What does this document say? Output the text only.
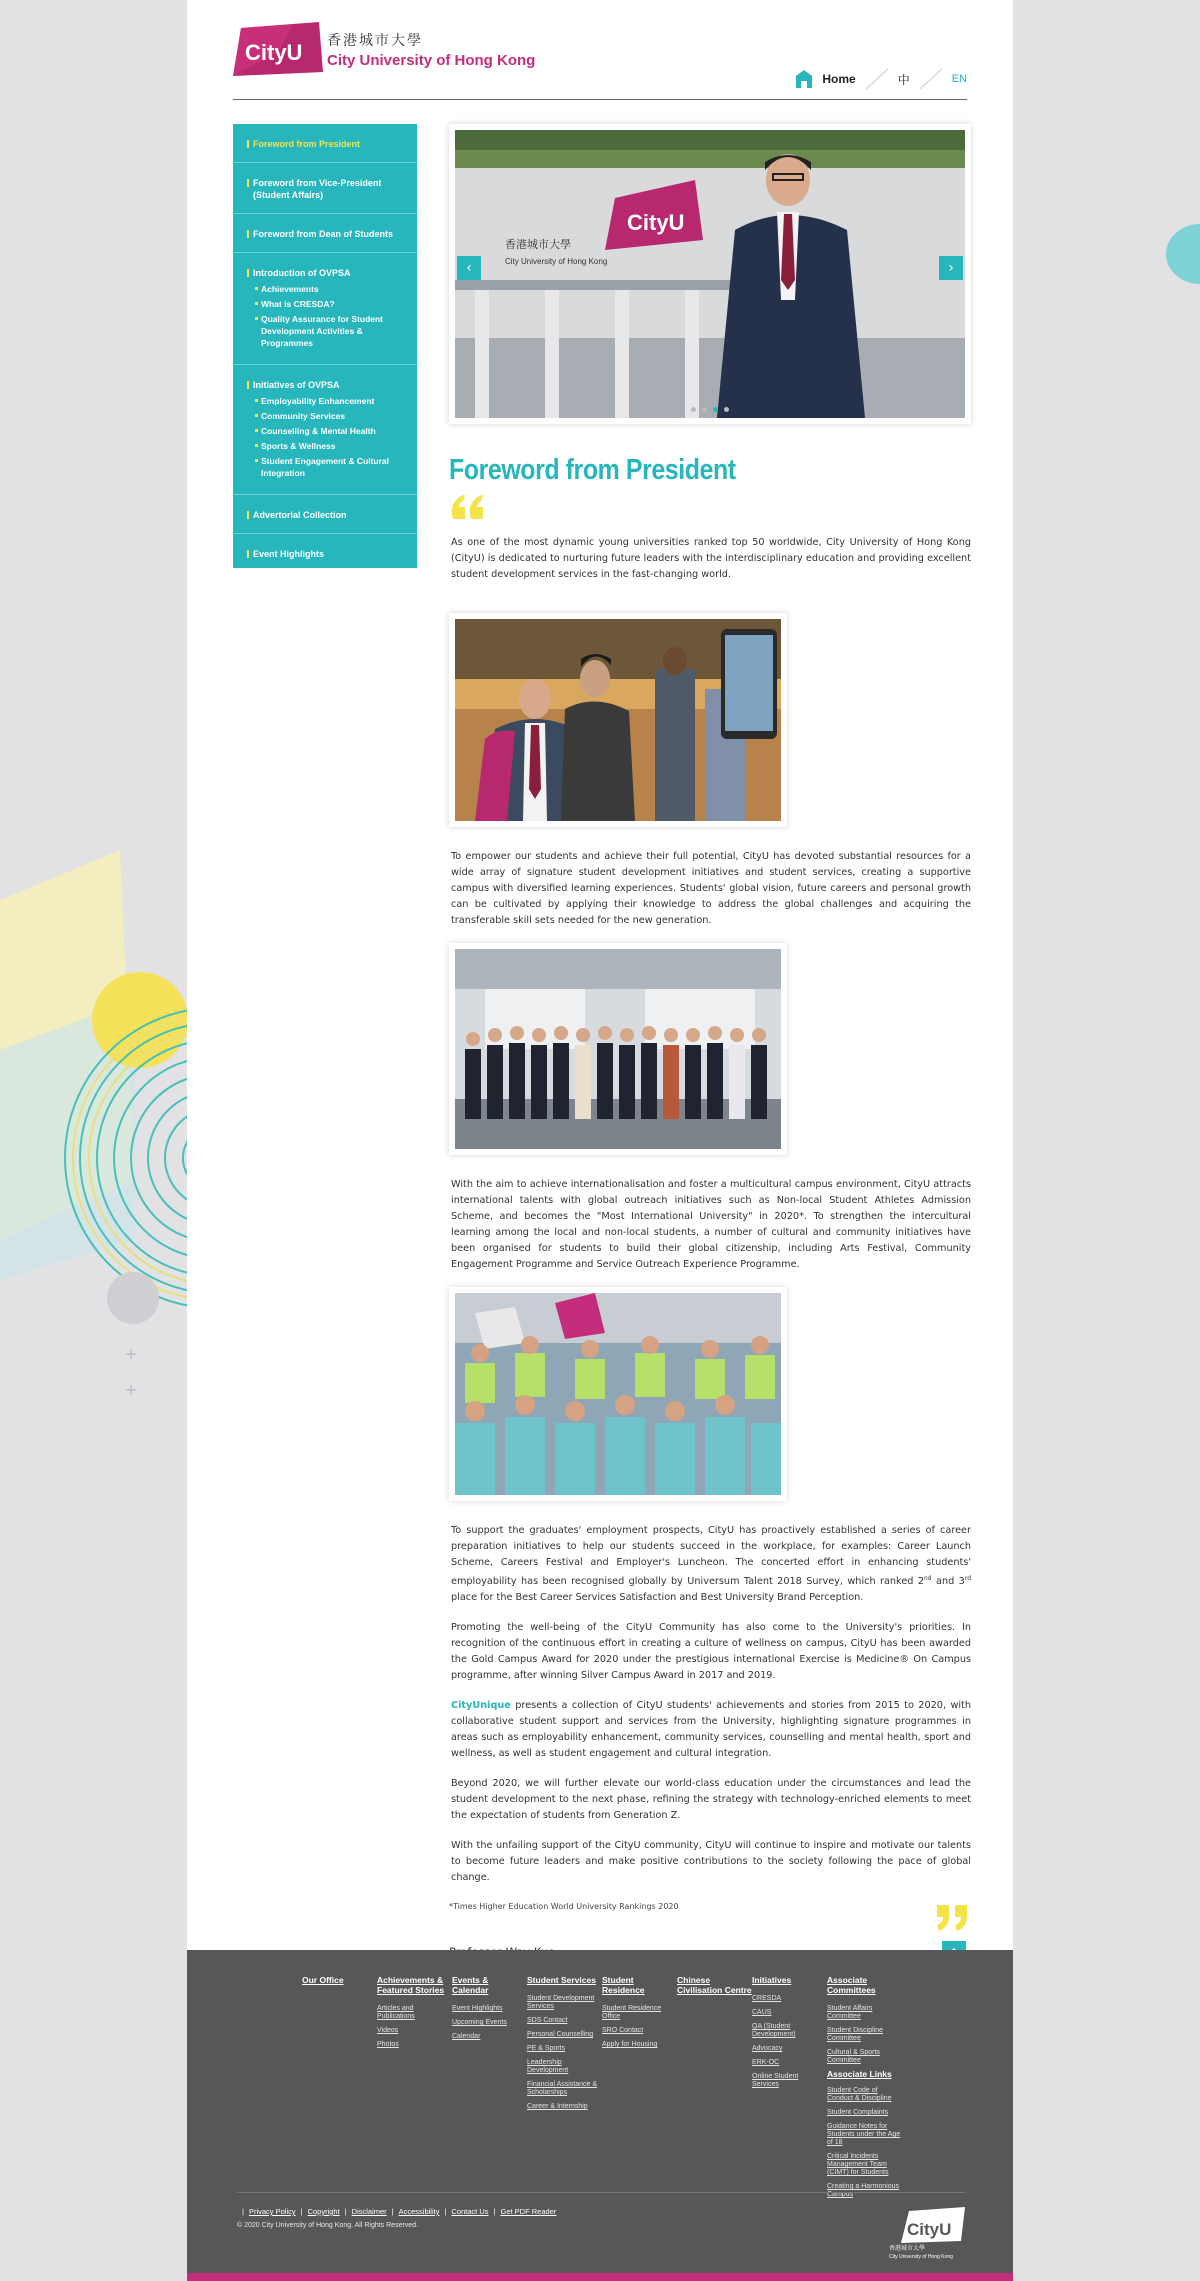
CityU 香港城市大學
City University of Hong Kong
Home	中	EN
Foreword from President
Foreword from Vice-President (Student Affairs)
Foreword from Dean of Students
Introduction of OVPSA
Achievements
What is CRESDA?
Quality Assurance for Student Development Activities & Programmes
Initiatives of OVPSA
Employability Enhancement
Community Services
Counselling & Mental Health
Sports & Wellness
Student Engagement & Cultural Integration
Advertorial Collection
Event Highlights
CityU
香港城市大學
City University of Hong Kong
‹	›
Foreword from President

As one of the most dynamic young universities ranked top 50 worldwide, City University of Hong Kong (CityU) is dedicated to nurturing future leaders with the interdisciplinary education and providing excellent student development services in the fast-changing world.

To empower our students and achieve their full potential, CityU has devoted substantial resources for a wide array of signature student development initiatives and student services, creating a supportive campus with diversified learning experiences. Students' global vision, future careers and personal growth can be cultivated by applying their knowledge to address the global challenges and acquiring the transferable skill sets needed for the new generation.

With the aim to achieve internationalisation and foster a multicultural campus environment, CityU attracts international talents with global outreach initiatives such as Non-local Student Athletes Admission Scheme, and becomes the "Most International University" in 2020*. To strengthen the intercultural learning among the local and non-local students, a number of cultural and community initiatives have been organised for students to build their global citizenship, including Arts Festival, Community Engagement Programme and Service Outreach Experience Programme.

To support the graduates' employment prospects, CityU has proactively established a series of career preparation initiatives to help our students succeed in the workplace, for examples: Career Launch Scheme, Careers Festival and Employer's Luncheon. The concerted effort in enhancing students' employability has been recognised globally by Universum Talent 2018 Survey, which ranked 2nd and 3rd place for the Best Career Services Satisfaction and Best University Brand Perception.

Promoting the well-being of the CityU Community has also come to the University's priorities. In recognition of the continuous effort in creating a culture of wellness on campus, CityU has been awarded the Gold Campus Award for 2020 under the prestigious international Exercise is Medicine® On Campus programme, after winning Silver Campus Award in 2017 and 2019.

CityUnique presents a collection of CityU students' achievements and stories from 2015 to 2020, with collaborative student support and services from the University, highlighting signature programmes in areas such as employability enhancement, community services, counselling and mental health, sport and wellness, as well as student engagement and cultural integration.

Beyond 2020, we will further elevate our world-class education under the circumstances and lead the student development to the next phase, refining the strategy with technology-enriched elements to meet the expectation of students from Generation Z.

With the unfailing support of the CityU community, CityU will continue to inspire and motivate our talents to become future leaders and make positive contributions to the society following the pace of global change.

*Times Higher Education World University Rankings 2020

Our Office	Achievements & Featured Stories
Articles and Publications
Videos
Photos
Events & Calendar
Event Highlights
Upcoming Events
Calendar
Student Services
Student Development Services
SDS Contact
Personal Counselling
PE & Sports
Leadership Development
Financial Assistance & Scholarships
Career & Internship
Student Residence
Student Residence Office
SRO Contact
Apply for Housing
Chinese Civilisation Centre
Initiatives
CRESDA
CAUS
QA (Student Development)
Advocacy
ERK-OC
Online Student Services
Associate Committees
Student Affairs Committee
Student Discipline Committee
Cultural & Sports Committee
Associate Links
Student Code of Conduct & Discipline
Student Complaints
Guidance Notes for Students under the Age of 18
Critical Incidents Management Team (CIMT) for Students
Creating a Harmonious Campus
| Privacy Policy | Copyright | Disclaimer | Accessibility | Contact Us | Get PDF Reader
© 2020 City University of Hong Kong. All Rights Reserved.	CityU
香港城市大學
City University of Hong Kong
